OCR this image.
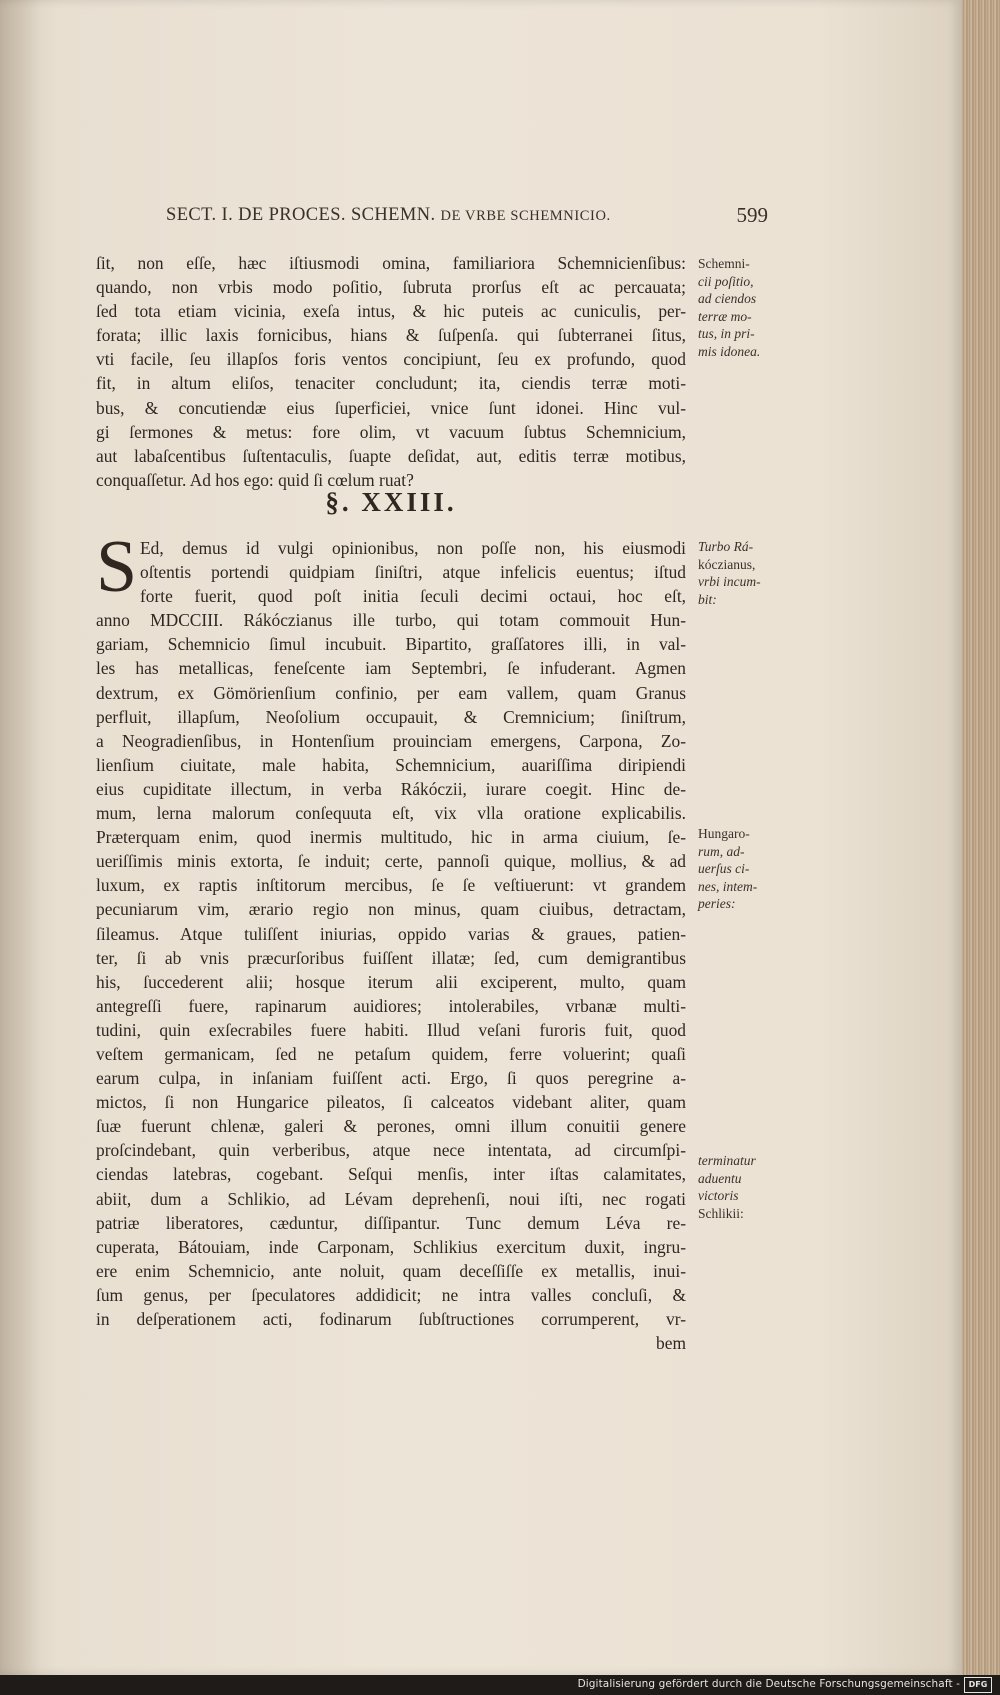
SECT. I. DE PROCES. SCHEMN. DE VRBE SCHEMNICIO.	599
ſit, non eſſe, hæc iſtiusmodi omina, familiariora Schemnicienſibus:
quando, non vrbis modo poſitio, ſubruta prorſus eſt ac percauata;
ſed tota etiam vicinia, exeſa intus, & hic puteis ac cuniculis, per-
forata; illic laxis fornicibus, hians & ſuſpenſa. qui ſubterranei ſitus,
vti facile, ſeu illapſos foris ventos concipiunt, ſeu ex profundo, quod
fit, in altum eliſos, tenaciter concludunt; ita, ciendis terræ moti-
bus, & concutiendæ eius ſuperficiei, vnice ſunt idonei. Hinc vul-
gi ſermones & metus: fore olim, vt vacuum ſubtus Schemnicium,
aut labaſcentibus ſuſtentaculis, ſuapte deſidat, aut, editis terræ motibus,
conquaſſetur. Ad hos ego: quid ſi cœlum ruat?
§. XXIII.
S Ed, demus id vulgi opinionibus, non poſſe non, his eiusmodi
oſtentis portendi quidpiam ſiniſtri, atque infelicis euentus; iſtud
forte fuerit, quod poſt initia ſeculi decimi octaui, hoc eſt,
anno MDCCIII. Rákóczianus ille turbo, qui totam commouit Hun-
gariam, Schemnicio ſimul incubuit. Bipartito, graſſatores illi, in val-
les has metallicas, feneſcente iam Septembri, ſe infuderant. Agmen
dextrum, ex Gömörienſium confinio, per eam vallem, quam Granus
perfluit, illapſum, Neoſolium occupauit, & Cremnicium; ſiniſtrum,
a Neogradienſibus, in Hontenſium prouinciam emergens, Carpona, Zo-
lienſium ciuitate, male habita, Schemnicium, auariſſima diripiendi
eius cupiditate illectum, in verba Rákóczii, iurare coegit. Hinc de-
mum, lerna malorum conſequuta eſt, vix vlla oratione explicabilis.
Præterquam enim, quod inermis multitudo, hic in arma ciuium, ſe-
ueriſſimis minis extorta, ſe induit; certe, pannoſi quique, mollius, & ad
luxum, ex raptis inſtitorum mercibus, ſe ſe veſtiuerunt: vt grandem
pecuniarum vim, ærario regio non minus, quam ciuibus, detractam,
ſileamus. Atque tuliſſent iniurias, oppido varias & graues, patien-
ter, ſi ab vnis præcurſoribus fuiſſent illatæ; ſed, cum demigrantibus
his, ſuccederent alii; hosque iterum alii exciperent, multo, quam
antegreſſi fuere, rapinarum auidiores; intolerabiles, vrbanæ multi-
tudini, quin exſecrabiles fuere habiti. Illud veſani furoris fuit, quod
veſtem germanicam, ſed ne petaſum quidem, ferre voluerint; quaſi
earum culpa, in inſaniam fuiſſent acti. Ergo, ſi quos peregrine a-
mictos, ſi non Hungarice pileatos, ſi calceatos videbant aliter, quam
ſuæ fuerunt chlenæ, galeri & perones, omni illum conuitii genere
proſcindebant, quin verberibus, atque nece intentata, ad circumſpi-
ciendas latebras, cogebant. Seſqui menſis, inter iſtas calamitates,
abiit, dum a Schlikio, ad Lévam deprehenſi, noui iſti, nec rogati
patriæ liberatores, cæduntur, diſſipantur. Tunc demum Léva re-
cuperata, Bátouiam, inde Carponam, Schlikius exercitum duxit, ingru-
ere enim Schemnicio, ante noluit, quam deceſſiſſe ex metallis, inui-
ſum genus, per ſpeculatores addidicit; ne intra valles concluſi, &
in deſperationem acti, fodinarum ſubſtructiones corrumperent, vr-
bem
Schemni-
cii poſitio,
ad ciendos
terræ mo-
tus, in pri-
mis idonea.
Turbo Rá-
kóczianus,
vrbi incum-
bit:
Hungaro-
rum, ad-
uerſus ci-
nes, intem-
peries:
terminatur
aduentu
victoris
Schlikii:
Digitalisierung gefördert durch die Deutsche Forschungsgemeinschaft -	DFG
